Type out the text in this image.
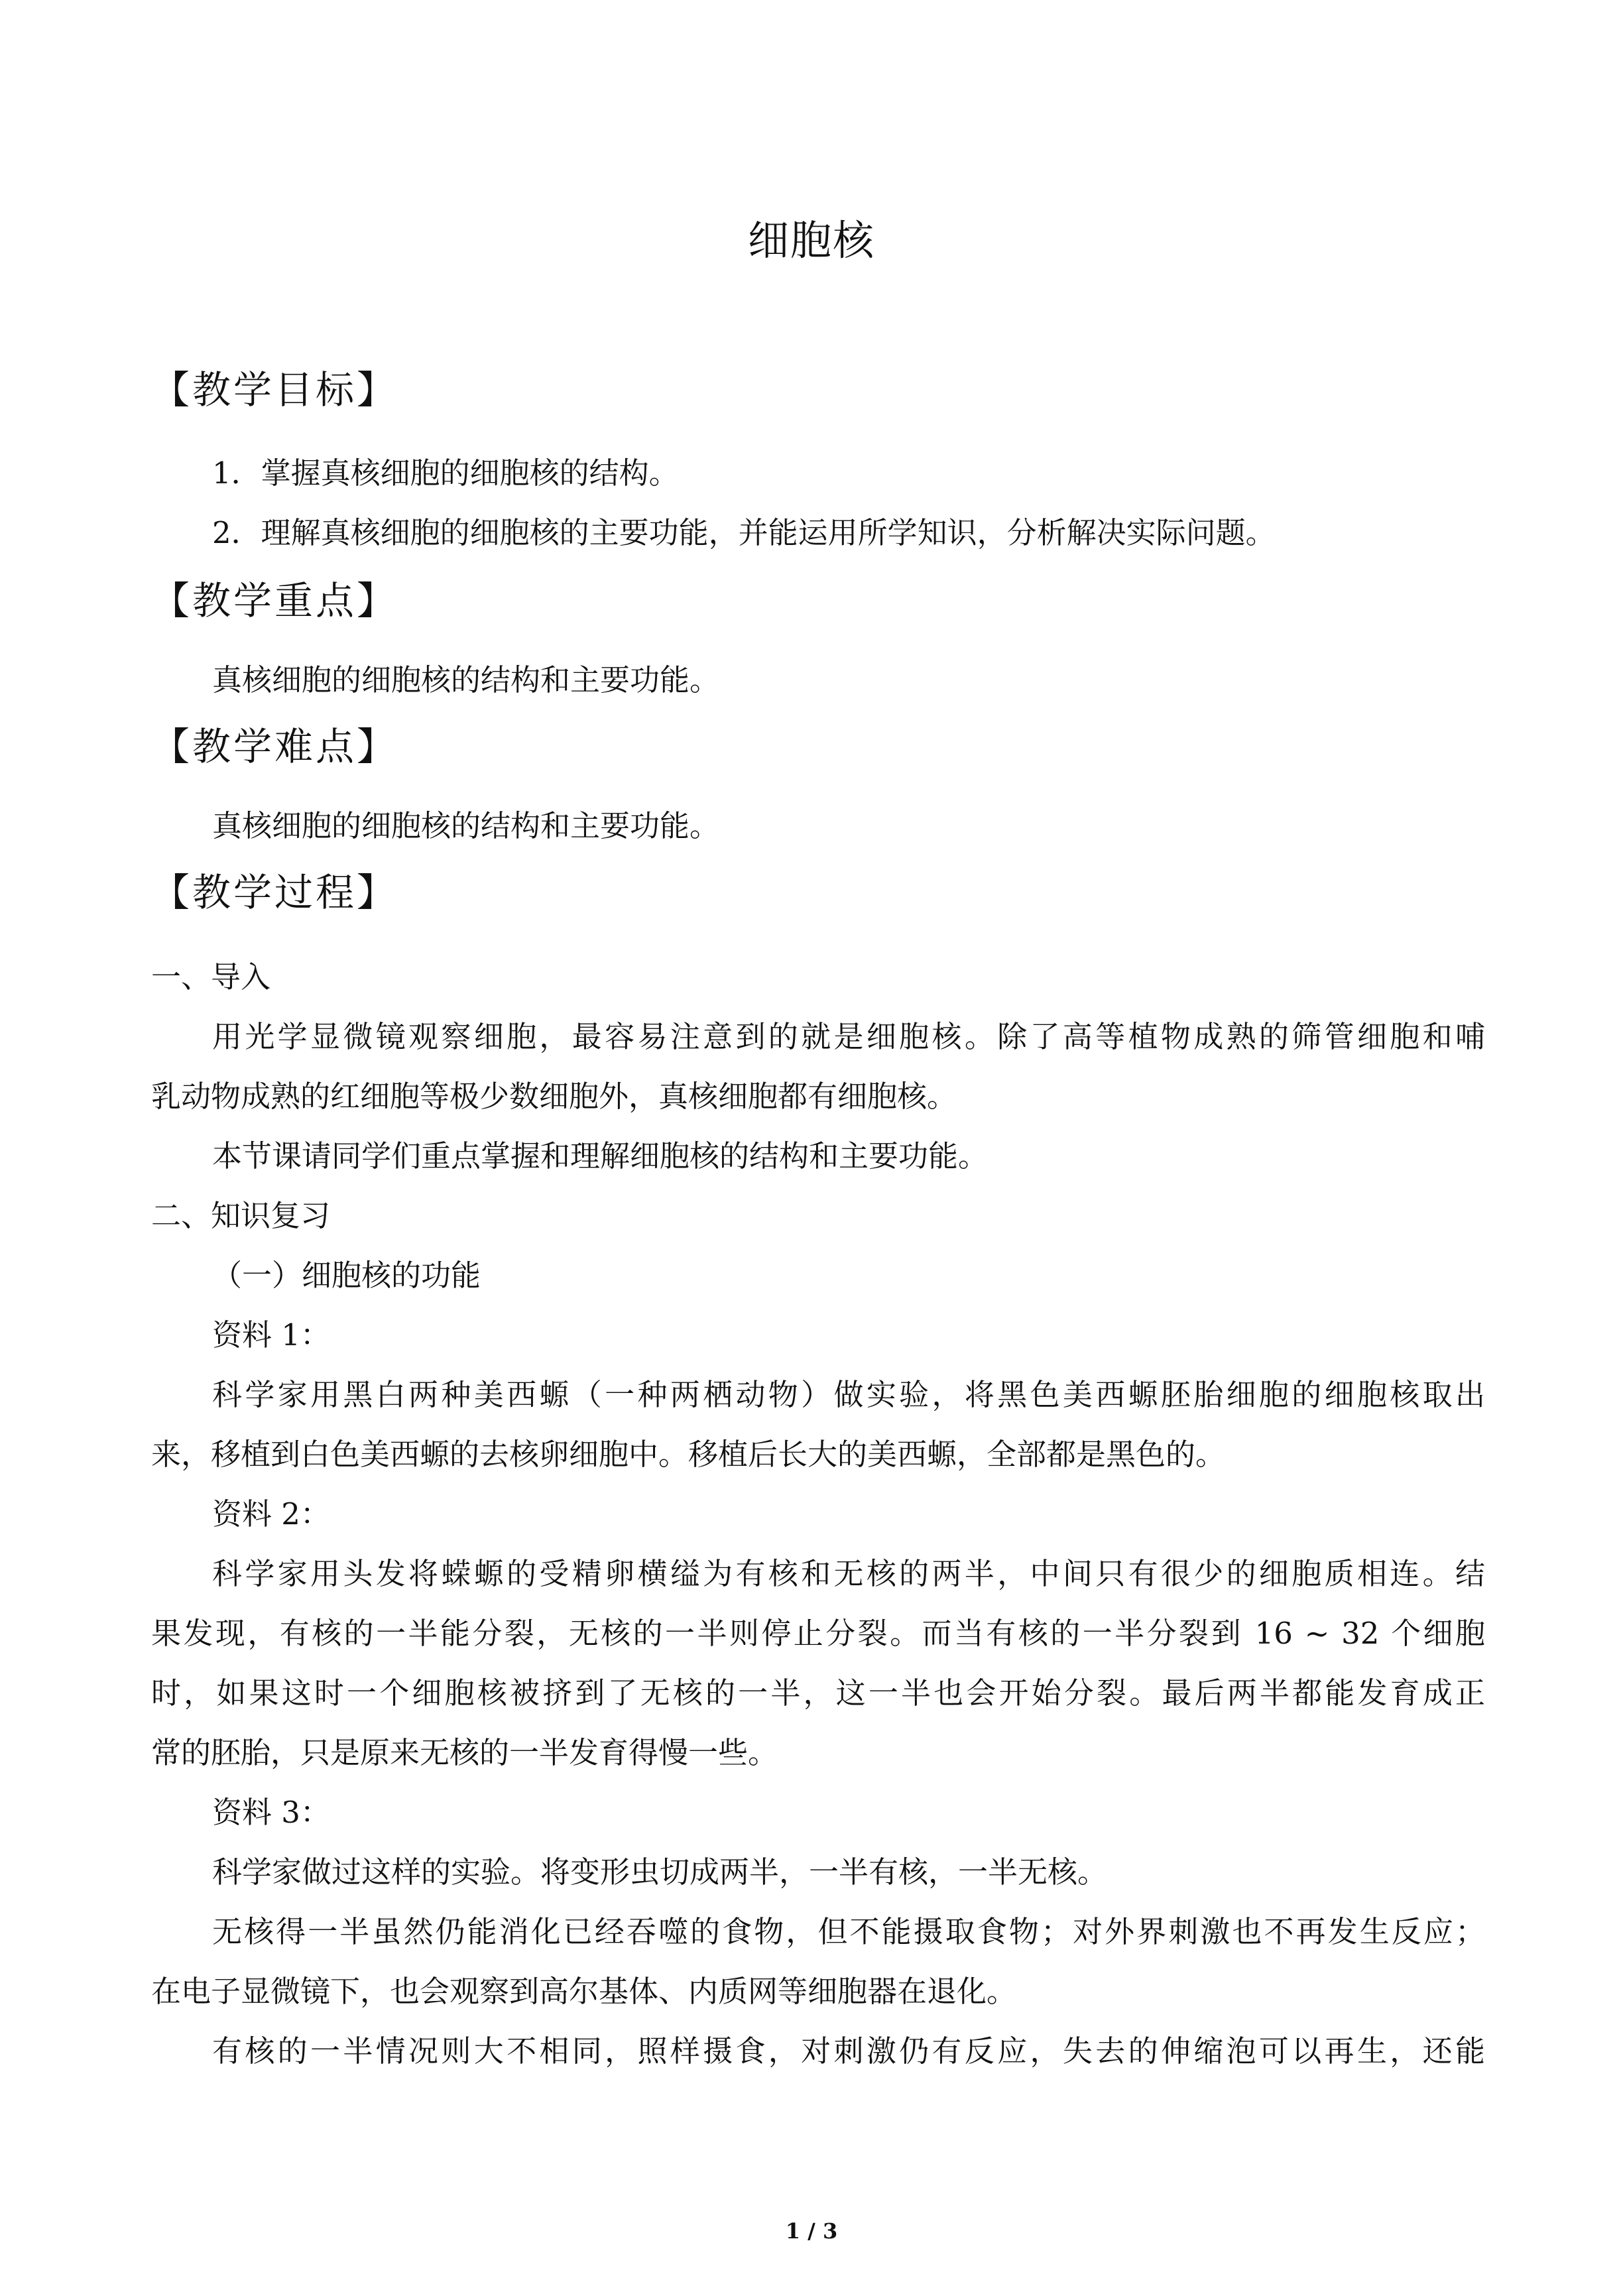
细胞核
【教学目标】
1．掌握真核细胞的细胞核的结构。
2．理解真核细胞的细胞核的主要功能，并能运用所学知识，分析解决实际问题。
【教学重点】
真核细胞的细胞核的结构和主要功能。
【教学难点】
真核细胞的细胞核的结构和主要功能。
【教学过程】
一、导入
用光学显微镜观察细胞，最容易注意到的就是细胞核。除了高等植物成熟的筛管细胞和哺
乳动物成熟的红细胞等极少数细胞外，真核细胞都有细胞核。
本节课请同学们重点掌握和理解细胞核的结构和主要功能。
二、知识复习
（一）细胞核的功能
资料 1：
科学家用黑白两种美西螈（一种两栖动物）做实验，将黑色美西螈胚胎细胞的细胞核取出
来，移植到白色美西螈的去核卵细胞中。移植后长大的美西螈，全部都是黑色的。
资料 2：
科学家用头发将蝾螈的受精卵横缢为有核和无核的两半，中间只有很少的细胞质相连。结
果发现，有核的一半能分裂，无核的一半则停止分裂。而当有核的一半分裂到 16 ~ 32 个细胞
时，如果这时一个细胞核被挤到了无核的一半，这一半也会开始分裂。最后两半都能发育成正
常的胚胎，只是原来无核的一半发育得慢一些。
资料 3：
科学家做过这样的实验。将变形虫切成两半，一半有核，一半无核。
无核得一半虽然仍能消化已经吞噬的食物，但不能摄取食物；对外界刺激也不再发生反应；
在电子显微镜下，也会观察到高尔基体、内质网等细胞器在退化。
有核的一半情况则大不相同，照样摄食，对刺激仍有反应，失去的伸缩泡可以再生，还能
1 / 3
